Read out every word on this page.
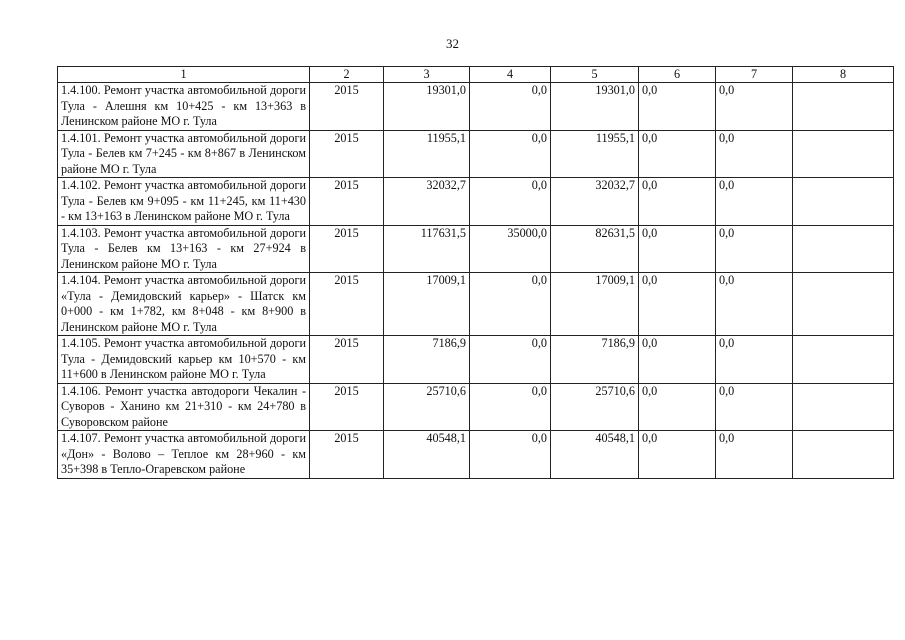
32
1	2	3	4	5	6	7	8
1.4.100. Ремонт участка автомобильной дороги Тула - Алешня км 10+425 - км 13+363 в Ленинском районе МО г. Тула	2015	19301,0	0,0	19301,0	0,0	0,0	
1.4.101. Ремонт участка автомобильной дороги Тула - Белев км 7+245 - км 8+867 в Ленинском районе МО г. Тула	2015	11955,1	0,0	11955,1	0,0	0,0	
1.4.102. Ремонт участка автомобильной дороги Тула - Белев км 9+095 - км 11+245, км 11+430 - км 13+163 в Ленинском районе МО г. Тула	2015	32032,7	0,0	32032,7	0,0	0,0	
1.4.103. Ремонт участка автомобильной дороги Тула - Белев км 13+163 - км 27+924 в Ленинском районе МО г. Тула	2015	117631,5	35000,0	82631,5	0,0	0,0	
1.4.104. Ремонт участка автомобильной дороги «Тула - Демидовский карьер» - Шатск км 0+000 - км 1+782, км 8+048 - км 8+900 в Ленинском районе МО г. Тула	2015	17009,1	0,0	17009,1	0,0	0,0	
1.4.105. Ремонт участка автомобильной дороги Тула - Демидовский карьер км 10+570 - км 11+600 в Ленинском районе МО г. Тула	2015	7186,9	0,0	7186,9	0,0	0,0	
1.4.106. Ремонт участка автодороги Чекалин - Суворов - Ханино км 21+310 - км 24+780 в Суворовском районе	2015	25710,6	0,0	25710,6	0,0	0,0	
1.4.107. Ремонт участка автомобильной дороги «Дон» - Волово – Теплое км 28+960 - км 35+398 в Тепло-Огаревском районе	2015	40548,1	0,0	40548,1	0,0	0,0	
